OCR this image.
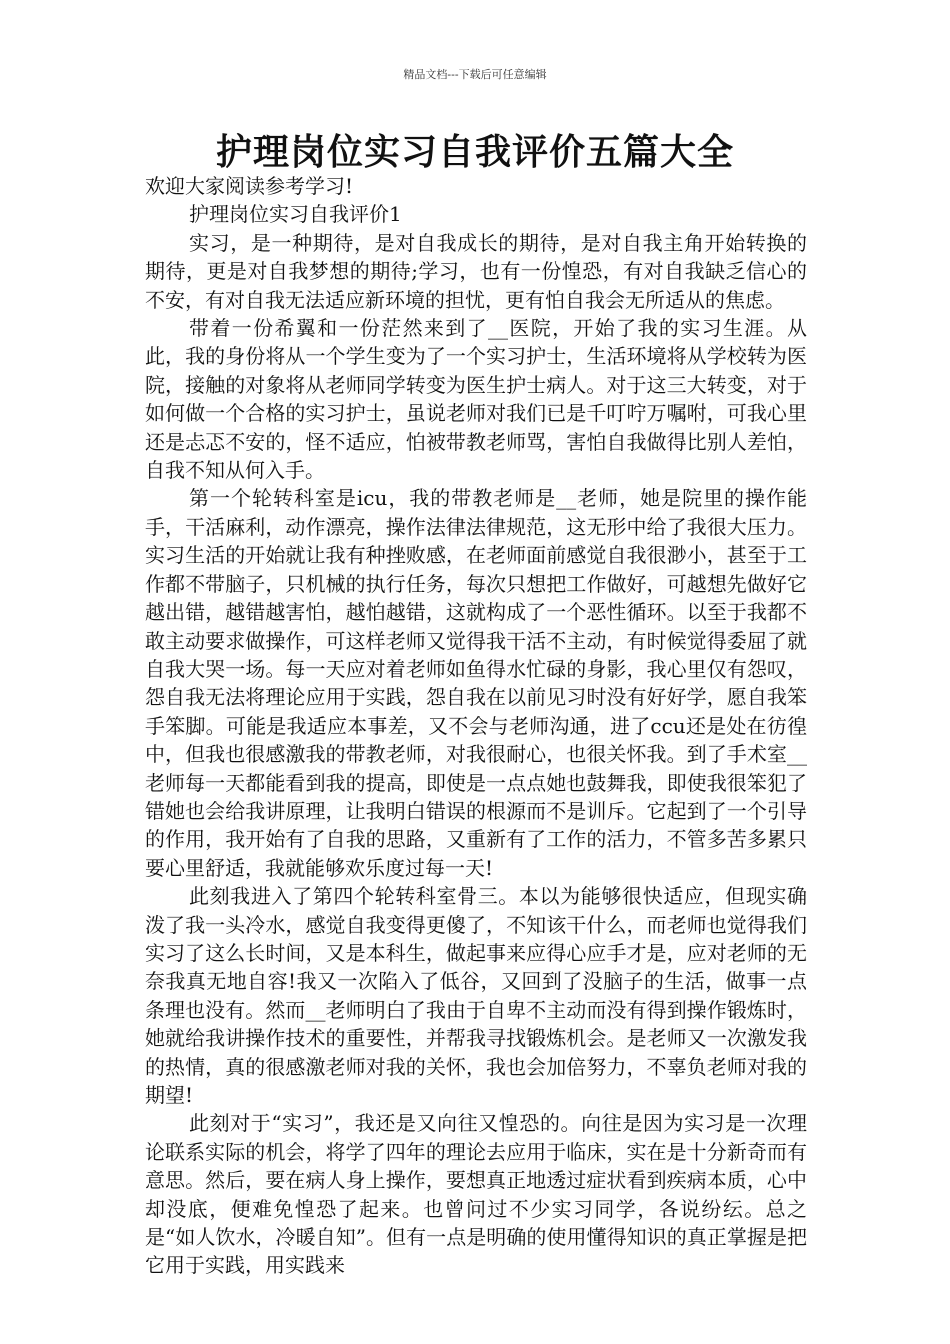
精品文档---下载后可任意编辑
护理岗位实习自我评价五篇大全

欢迎大家阅读参考学习!

护理岗位实习自我评价1

实习，是一种期待，是对自我成长的期待，是对自我主角开始转换的期待，更是对自我梦想的期待;学习，也有一份惶恐，有对自我缺乏信心的不安，有对自我无法适应新环境的担忧，更有怕自我会无所适从的焦虑。

带着一份希翼和一份茫然来到了__医院，开始了我的实习生涯。从此，我的身份将从一个学生变为了一个实习护士，生活环境将从学校转为医院，接触的对象将从老师同学转变为医生护士病人。对于这三大转变，对于如何做一个合格的实习护士，虽说老师对我们已是千叮咛万嘱咐，可我心里还是忐忑不安的，怪不适应，怕被带教老师骂，害怕自我做得比别人差怕，自我不知从何入手。

第一个轮转科室是icu，我的带教老师是__老师，她是院里的操作能手，干活麻利，动作漂亮，操作法律法律规范，这无形中给了我很大压力。实习生活的开始就让我有种挫败感，在老师面前感觉自我很渺小，甚至于工作都不带脑子，只机械的执行任务，每次只想把工作做好，可越想先做好它越出错，越错越害怕，越怕越错，这就构成了一个恶性循环。以至于我都不敢主动要求做操作，可这样老师又觉得我干活不主动，有时候觉得委屈了就自我大哭一场。每一天应对着老师如鱼得水忙碌的身影，我心里仅有怨叹，怨自我无法将理论应用于实践，怨自我在以前见习时没有好好学，愿自我笨手笨脚。可能是我适应本事差，又不会与老师沟通，进了ccu还是处在彷徨中，但我也很感激我的带教老师，对我很耐心，也很关怀我。到了手术室__老师每一天都能看到我的提高，即使是一点点她也鼓舞我，即使我很笨犯了错她也会给我讲原理，让我明白错误的根源而不是训斥。它起到了一个引导的作用，我开始有了自我的思路，又重新有了工作的活力，不管多苦多累只要心里舒适，我就能够欢乐度过每一天!

此刻我进入了第四个轮转科室骨三。本以为能够很快适应，但现实确泼了我一头冷水，感觉自我变得更傻了，不知该干什么，而老师也觉得我们实习了这么长时间，又是本科生，做起事来应得心应手才是，应对老师的无奈我真无地自容!我又一次陷入了低谷，又回到了没脑子的生活，做事一点条理也没有。然而__老师明白了我由于自卑不主动而没有得到操作锻炼时，她就给我讲操作技术的重要性，并帮我寻找锻炼机会。是老师又一次激发我的热情，真的很感激老师对我的关怀，我也会加倍努力，不辜负老师对我的期望!

此刻对于“实习”，我还是又向往又惶恐的。向往是因为实习是一次理论联系实际的机会，将学了四年的理论去应用于临床，实在是十分新奇而有意思。然后，要在病人身上操作，要想真正地透过症状看到疾病本质，心中却没底，便难免惶恐了起来。也曾问过不少实习同学，各说纷纭。总之是“如人饮水，冷暖自知”。但有一点是明确的使用懂得知识的真正掌握是把它用于实践，用实践来
